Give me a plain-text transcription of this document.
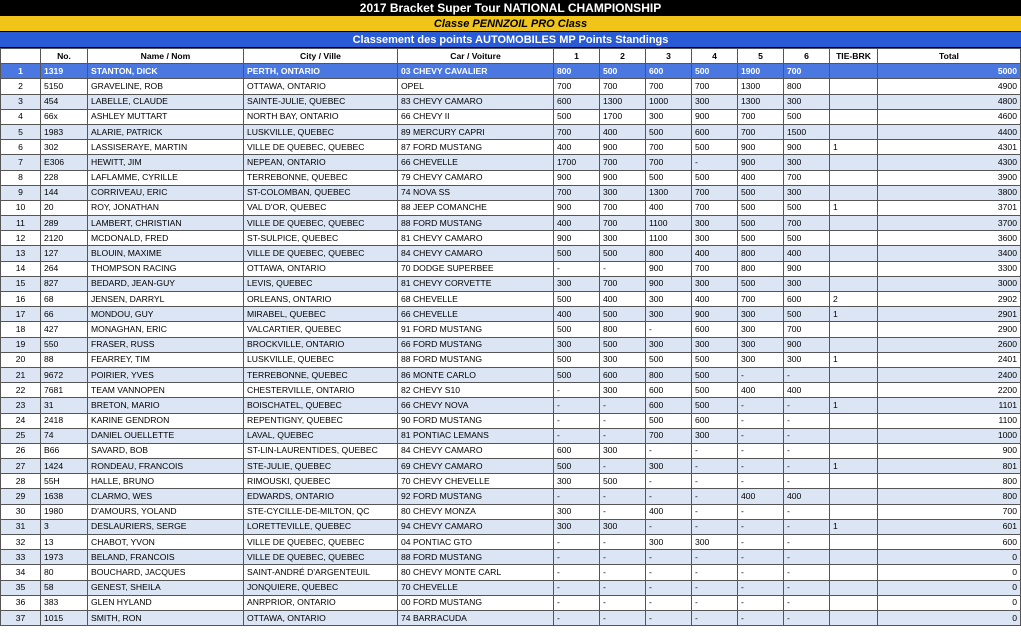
2017 Bracket Super Tour NATIONAL CHAMPIONSHIP
Classe PENNZOIL PRO Class
Classement des points AUTOMOBILES MP Points Standings
	No.	Name / Nom	City / Ville	Car / Voiture	1	2	3	4	5	6	TIE-BRK	Total
1	1319	STANTON, DICK	PERTH, ONTARIO	03 CHEVY CAVALIER	800	500	600	500	1900	700		5000
2	5150	GRAVELINE, ROB	OTTAWA, ONTARIO	OPEL	700	700	700	700	1300	800		4900
3	454	LABELLE, CLAUDE	SAINTE-JULIE, QUEBEC	83 CHEVY CAMARO	600	1300	1000	300	1300	300		4800
4	66x	ASHLEY MUTTART	NORTH BAY, ONTARIO	66 CHEVY II	500	1700	300	900	700	500		4600
5	1983	ALARIE, PATRICK	LUSKVILLE, QUEBEC	89 MERCURY CAPRI	700	400	500	600	700	1500		4400
6	302	LASSISERAYE, MARTIN	VILLE DE QUEBEC, QUEBEC	87 FORD MUSTANG	400	900	700	500	900	900	1	4301
7	E306	HEWITT, JIM	NEPEAN, ONTARIO	66 CHEVELLE	1700	700	700	-	900	300		4300
8	228	LAFLAMME, CYRILLE	TERREBONNE, QUEBEC	79 CHEVY CAMARO	900	900	500	500	400	700		3900
9	144	CORRIVEAU, ERIC	ST-COLOMBAN, QUEBEC	74 NOVA SS	700	300	1300	700	500	300		3800
10	20	ROY, JONATHAN	VAL D'OR, QUEBEC	88 JEEP COMANCHE	900	700	400	700	500	500	1	3701
11	289	LAMBERT, CHRISTIAN	VILLE DE QUEBEC, QUEBEC	88 FORD MUSTANG	400	700	1100	300	500	700		3700
12	2120	MCDONALD, FRED	ST-SULPICE, QUEBEC	81 CHEVY CAMARO	900	300	1100	300	500	500		3600
13	127	BLOUIN, MAXIME	VILLE DE QUEBEC, QUEBEC	84 CHEVY CAMARO	500	500	800	400	800	400		3400
14	264	THOMPSON RACING	OTTAWA, ONTARIO	70 DODGE SUPERBEE	-	-	900	700	800	900		3300
15	827	BEDARD, JEAN-GUY	LEVIS, QUEBEC	81 CHEVY CORVETTE	300	700	900	300	500	300		3000
16	68	JENSEN, DARRYL	ORLEANS, ONTARIO	68 CHEVELLE	500	400	300	400	700	600	2	2902
17	66	MONDOU, GUY	MIRABEL, QUEBEC	66 CHEVELLE	400	500	300	900	300	500	1	2901
18	427	MONAGHAN, ERIC	VALCARTIER, QUEBEC	91 FORD MUSTANG	500	800	-	600	300	700		2900
19	550	FRASER, RUSS	BROCKVILLE, ONTARIO	66 FORD MUSTANG	300	500	300	300	300	900		2600
20	88	FEARREY, TIM	LUSKVILLE, QUEBEC	88 FORD MUSTANG	500	300	500	500	300	300	1	2401
21	9672	POIRIER, YVES	TERREBONNE, QUEBEC	86 MONTE CARLO	500	600	800	500	-	-		2400
22	7681	TEAM VANNOPEN	CHESTERVILLE, ONTARIO	82 CHEVY S10	-	300	600	500	400	400		2200
23	31	BRETON, MARIO	BOISCHATEL, QUEBEC	66 CHEVY NOVA	-	-	600	500	-	-	1	1101
24	2418	KARINE GENDRON	REPENTIGNY, QUEBEC	90 FORD MUSTANG	-	-	500	600	-	-		1100
25	74	DANIEL OUELLETTE	LAVAL, QUEBEC	81 PONTIAC LEMANS	-	-	700	300	-	-		1000
26	B66	SAVARD, BOB	ST-LIN-LAURENTIDES, QUEBEC	84 CHEVY CAMARO	600	300	-	-	-	-		900
27	1424	RONDEAU, FRANCOIS	STE-JULIE, QUEBEC	69 CHEVY CAMARO	500	-	300	-	-	-	1	801
28	55H	HALLE, BRUNO	RIMOUSKI, QUEBEC	70 CHEVY CHEVELLE	300	500	-	-	-	-		800
29	1638	CLARMO, WES	EDWARDS, ONTARIO	92 FORD MUSTANG	-	-	-	-	400	400		800
30	1980	D'AMOURS, YOLAND	STE-CYCILLE-DE-MILTON, QC	80 CHEVY MONZA	300	-	400	-	-	-		700
31	3	DESLAURIERS, SERGE	LORETTEVILLE, QUEBEC	94 CHEVY CAMARO	300	300	-	-	-	-	1	601
32	13	CHABOT, YVON	VILLE DE QUEBEC, QUEBEC	04 PONTIAC GTO	-	-	300	300	-	-		600
33	1973	BELAND, FRANCOIS	VILLE DE QUEBEC, QUEBEC	88 FORD MUSTANG	-	-	-	-	-	-		0
34	80	BOUCHARD, JACQUES	SAINT-ANDRÉ D'ARGENTEUIL	80 CHEVY MONTE CARL	-	-	-	-	-	-		0
35	58	GENEST, SHEILA	JONQUIERE, QUEBEC	70 CHEVELLE	-	-	-	-	-	-		0
36	383	GLEN HYLAND	ANRPRIOR, ONTARIO	00 FORD MUSTANG	-	-	-	-	-	-		0
37	1015	SMITH, RON	OTTAWA, ONTARIO	74 BARRACUDA	-	-	-	-	-	-		0
